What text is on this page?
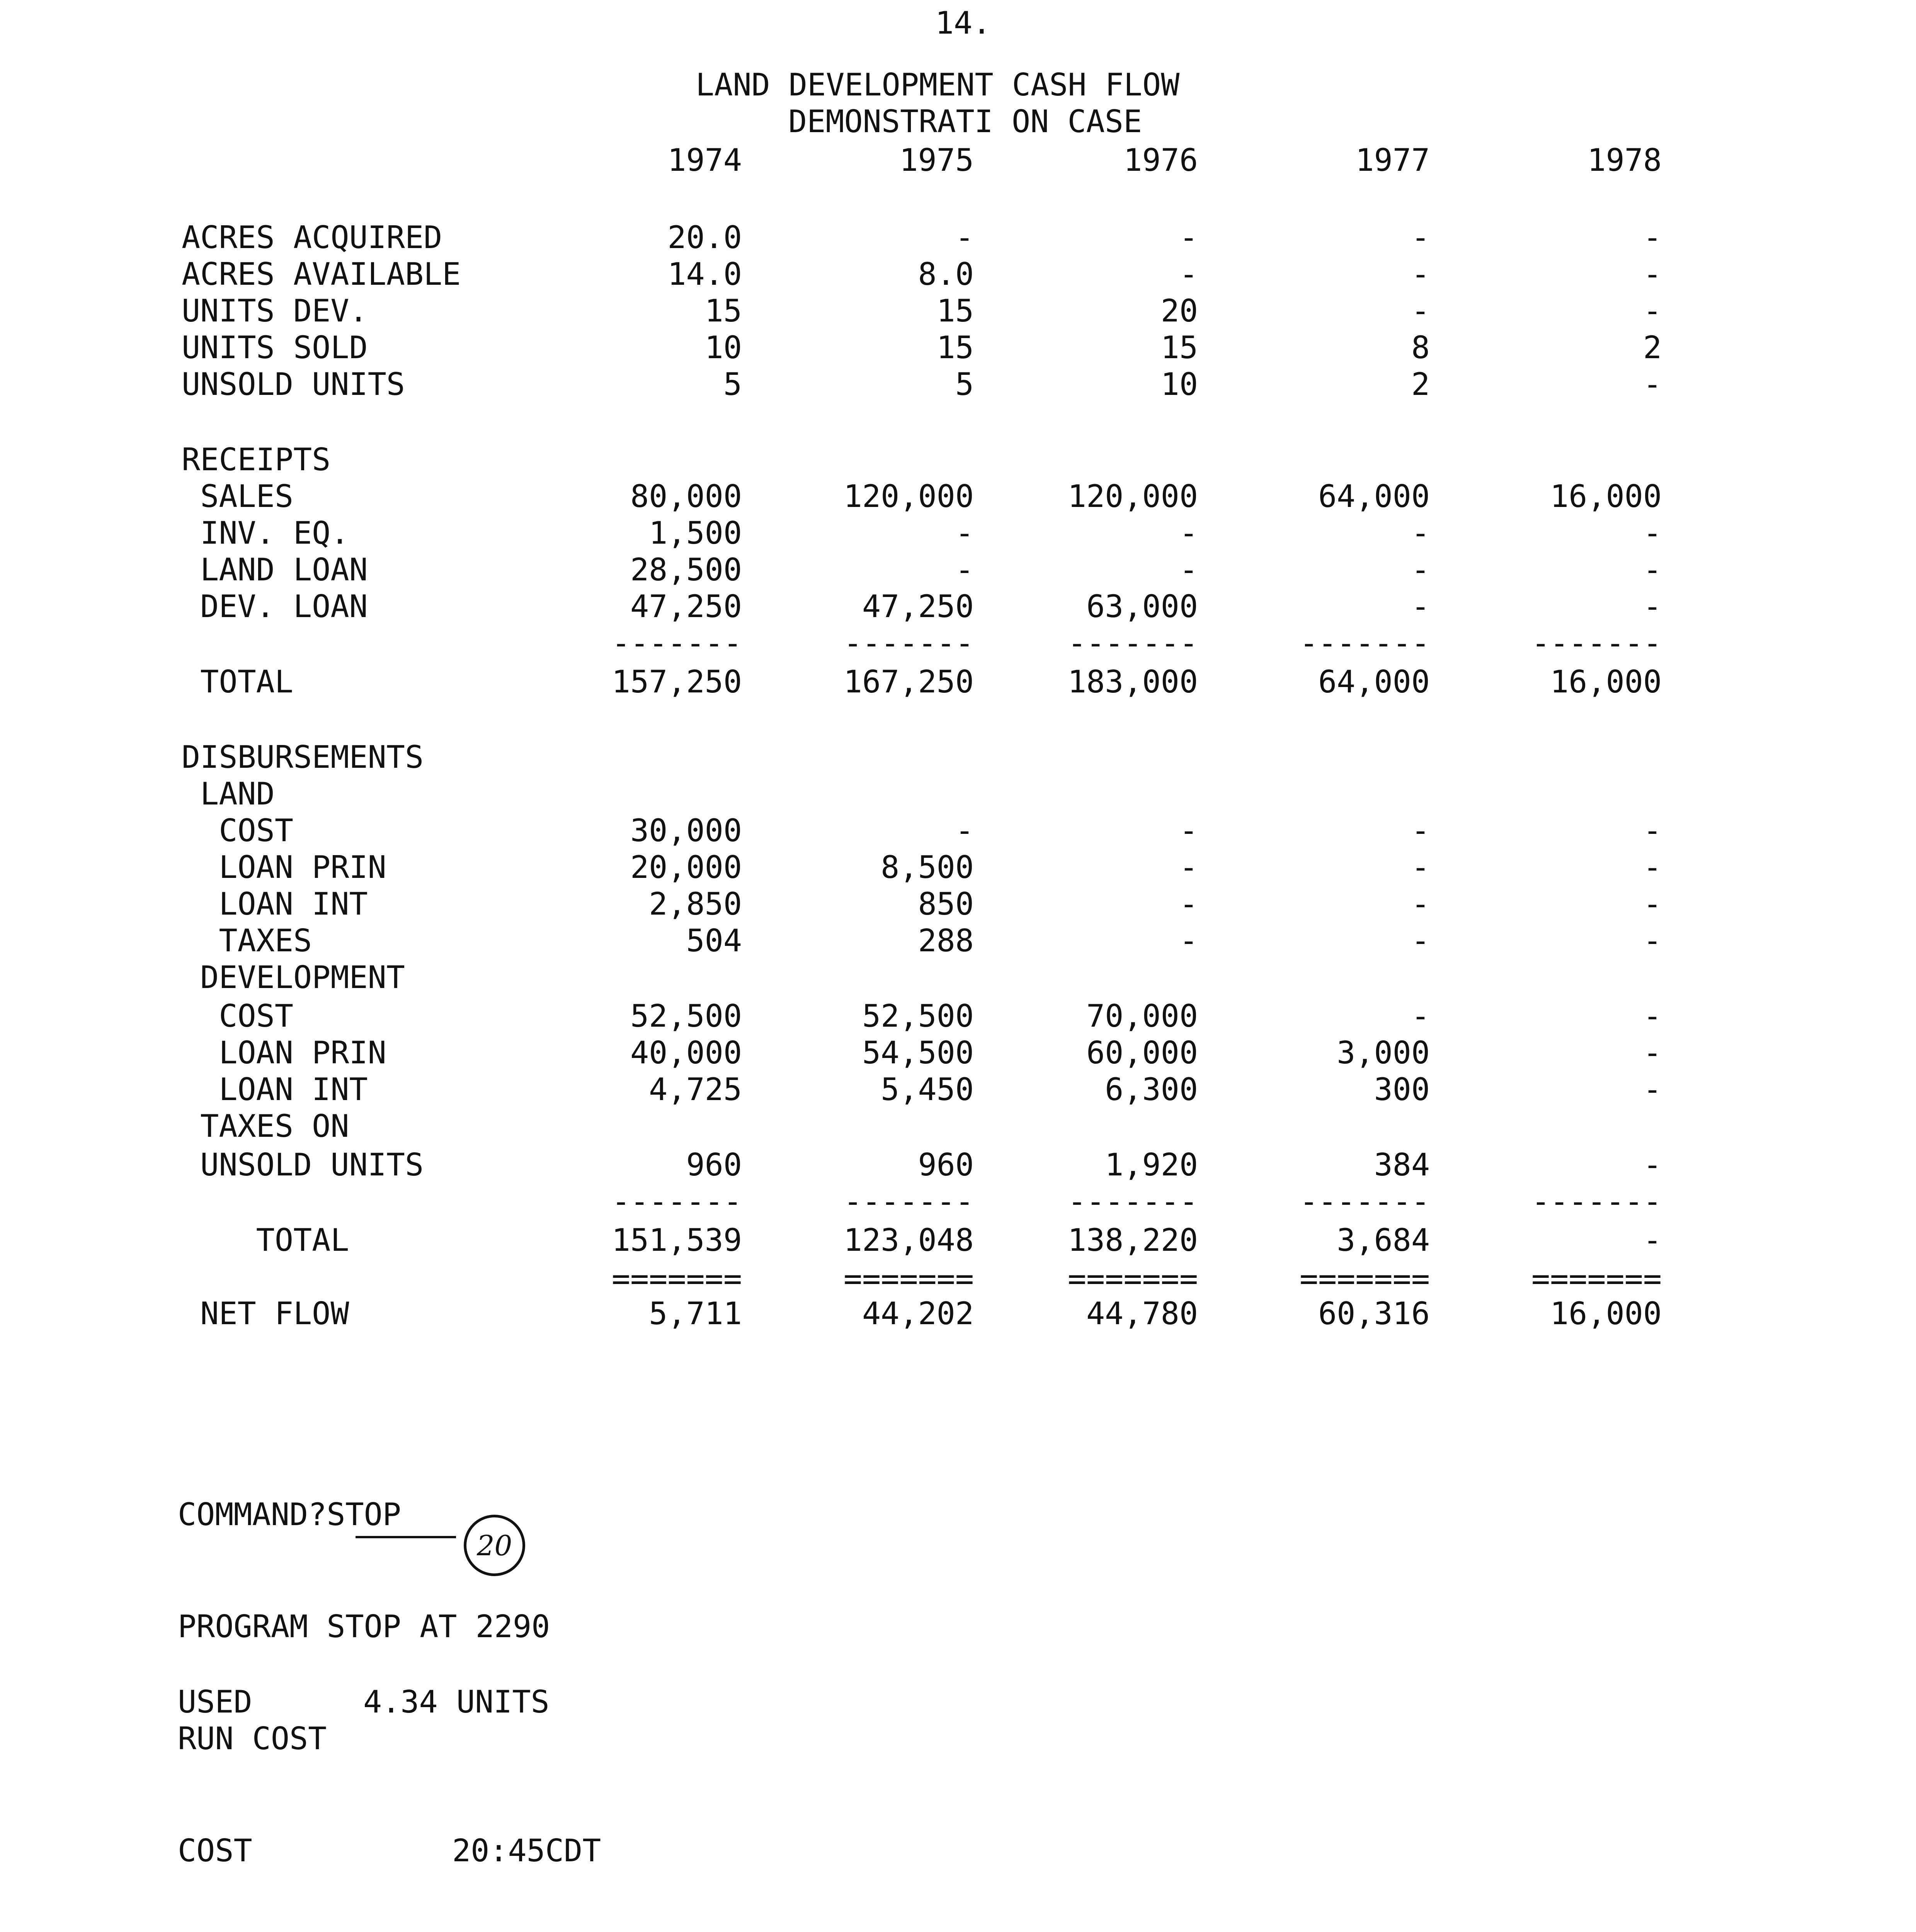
14.
LAND DEVELOPMENT CASH FLOW
DEMONSTRATI ON CASE
1974	1975	1976	1977	1978
ACRES ACQUIRED	20.0	-	-	-	-
ACRES AVAILABLE	14.0	8.0	-	-	-
UNITS DEV.	15	15	20	-	-
UNITS SOLD	10	15	15	8	2
UNSOLD UNITS	5	5	10	2	-
RECEIPTS
SALES	80,000	120,000	120,000	64,000	16,000
INV. EQ.	1,500	-	-	-	-
LAND LOAN	28,500	-	-	-	-
DEV. LOAN	47,250	47,250	63,000	-	-
-------	-------	-------	-------	-------
TOTAL	157,250	167,250	183,000	64,000	16,000
DISBURSEMENTS
LAND
COST	30,000	-	-	-	-
LOAN PRIN	20,000	8,500	-	-	-
LOAN INT	2,850	850	-	-	-
TAXES	504	288	-	-	-
DEVELOPMENT
COST	52,500	52,500	70,000	-	-
LOAN PRIN	40,000	54,500	60,000	3,000	-
LOAN INT	4,725	5,450	6,300	300	-
TAXES ON
UNSOLD UNITS	960	960	1,920	384	-
-------	-------	-------	-------	-------
TOTAL	151,539	123,048	138,220	3,684	-
=======	=======	=======	=======	=======
NET FLOW	5,711	44,202	44,780	60,316	16,000
COMMAND?STOP
20
PROGRAM STOP AT 2290
USED	4.34 UNITS
RUN COST
COST	20:45CDT
